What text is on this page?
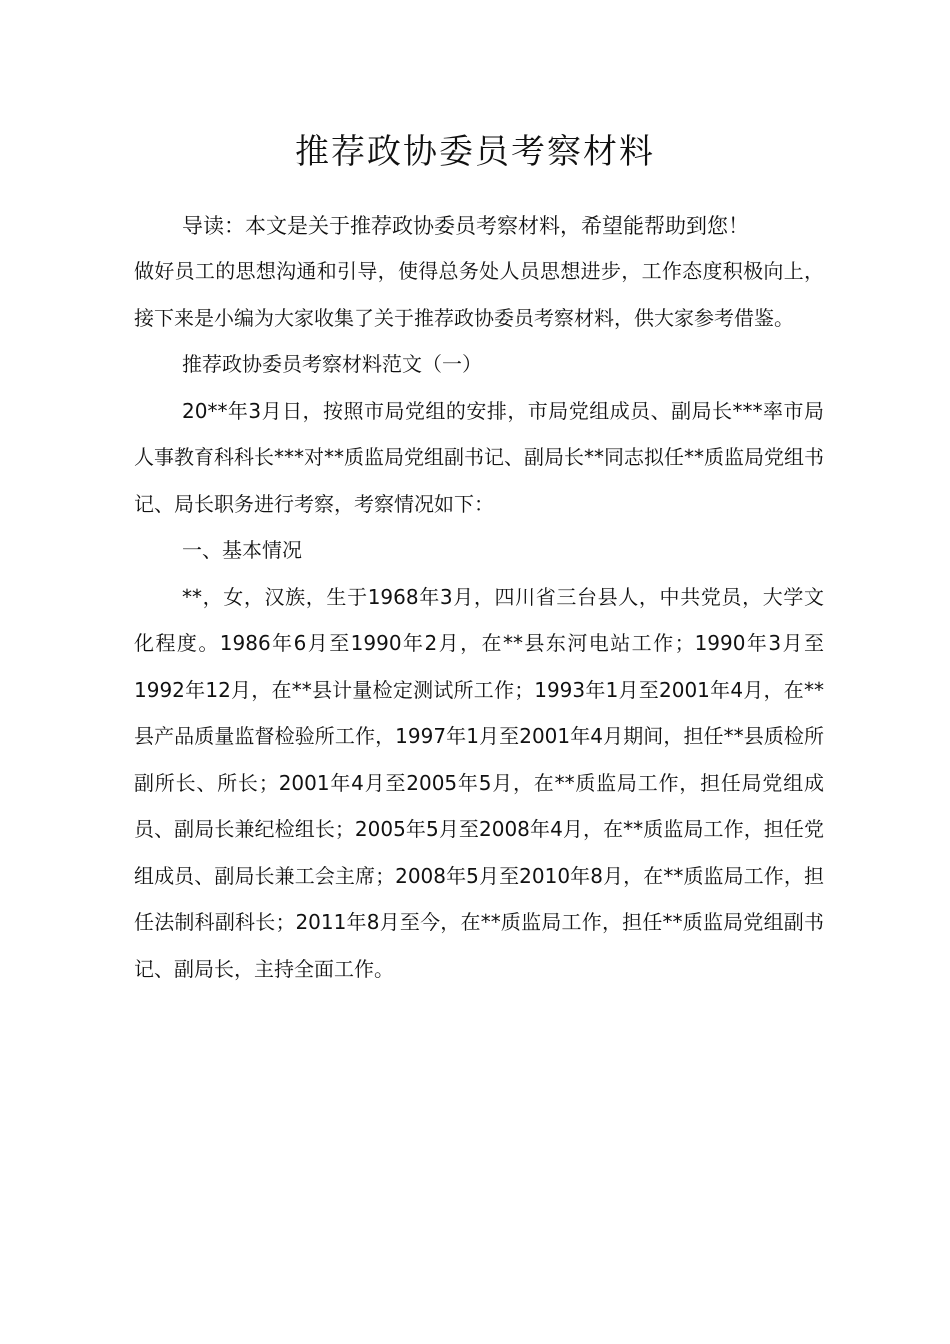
推荐政协委员考察材料

导读：本文是关于推荐政协委员考察材料，希望能帮助到您！

做好员工的思想沟通和引导，使得总务处人员思想进步，工作态度积极向上，接下来是小编为大家收集了关于推荐政协委员考察材料，供大家参考借鉴。

推荐政协委员考察材料范文（一）

20**年3月日，按照市局党组的安排，市局党组成员、副局长***率市局人事教育科科长***对**质监局党组副书记、副局长**同志拟任**质监局党组书记、局长职务进行考察，考察情况如下：

一、基本情况

**，女，汉族，生于1968年3月，四川省三台县人，中共党员，大学文化程度。1986年6月至1990年2月，在**县东河电站工作；1990年3月至1992年12月，在**县计量检定测试所工作；1993年1月至2001年4月，在**县产品质量监督检验所工作，1997年1月至2001年4月期间，担任**县质检所副所长、所长；2001年4月至2005年5月，在**质监局工作，担任局党组成员、副局长兼纪检组长；2005年5月至2008年4月，在**质监局工作，担任党组成员、副局长兼工会主席；2008年5月至2010年8月，在**质监局工作，担任法制科副科长；2011年8月至今，在**质监局工作，担任**质监局党组副书记、副局长，主持全面工作。
